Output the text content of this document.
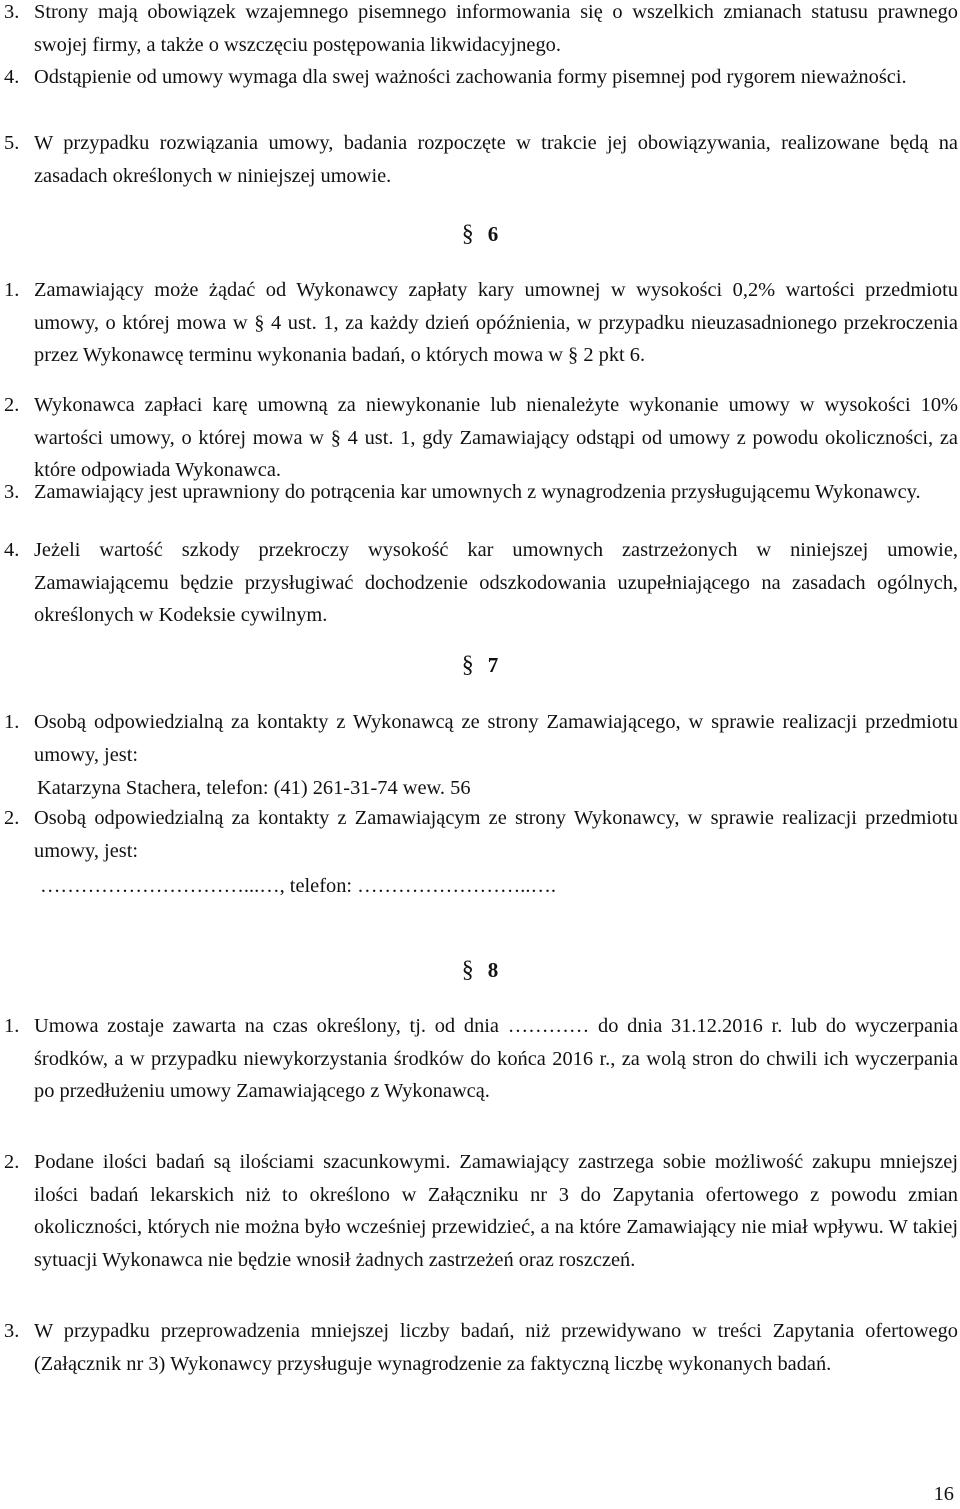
3. Strony mają obowiązek wzajemnego pisemnego informowania się o wszelkich zmianach statusu prawnego swojej firmy, a także o wszczęciu postępowania likwidacyjnego.
4. Odstąpienie od umowy wymaga dla swej ważności zachowania formy pisemnej pod rygorem nieważności.
5. W przypadku rozwiązania umowy, badania rozpoczęte w trakcie jej obowiązywania, realizowane będą na zasadach określonych w niniejszej umowie.
§ 6
1. Zamawiający może żądać od Wykonawcy zapłaty kary umownej w wysokości 0,2% wartości przedmiotu umowy, o której mowa w § 4 ust. 1, za każdy dzień opóźnienia, w przypadku nieuzasadnionego przekroczenia przez Wykonawcę terminu wykonania badań, o których mowa w § 2 pkt 6.
2. Wykonawca zapłaci karę umowną za niewykonanie lub nienależyte wykonanie umowy w wysokości 10% wartości umowy, o której mowa w § 4 ust. 1, gdy Zamawiający odstąpi od umowy z powodu okoliczności, za które odpowiada Wykonawca.
3. Zamawiający jest uprawniony do potrącenia kar umownych z wynagrodzenia przysługującemu Wykonawcy.
4. Jeżeli wartość szkody przekroczy wysokość kar umownych zastrzeżonych w niniejszej umowie, Zamawiającemu będzie przysługiwać dochodzenie odszkodowania uzupełniającego na zasadach ogólnych, określonych w Kodeksie cywilnym.
§ 7
1. Osobą odpowiedzialną za kontakty z Wykonawcą ze strony Zamawiającego, w sprawie realizacji przedmiotu umowy, jest:
Katarzyna Stachera, telefon: (41) 261-31-74 wew. 56
2. Osobą odpowiedzialną za kontakty z Zamawiającym ze strony Wykonawcy, w sprawie realizacji przedmiotu umowy, jest:
…………………………...…, telefon: ……………………..….
§ 8
1. Umowa zostaje zawarta na czas określony, tj. od dnia ………… do dnia 31.12.2016 r. lub do wyczerpania środków, a w przypadku niewykorzystania środków do końca 2016 r., za wolą stron do chwili ich wyczerpania po przedłużeniu umowy Zamawiającego z Wykonawcą.
2. Podane ilości badań są ilościami szacunkowymi. Zamawiający zastrzega sobie możliwość zakupu mniejszej ilości badań lekarskich niż to określono w Załączniku nr 3 do Zapytania ofertowego z powodu zmian okoliczności, których nie można było wcześniej przewidzieć, a na które Zamawiający nie miał wpływu. W takiej sytuacji Wykonawca nie będzie wnosił żadnych zastrzeżeń oraz roszczeń.
3. W przypadku przeprowadzenia mniejszej liczby badań, niż przewidywano w treści Zapytania ofertowego (Załącznik nr 3) Wykonawcy przysługuje wynagrodzenie za faktyczną liczbę wykonanych badań.
16
